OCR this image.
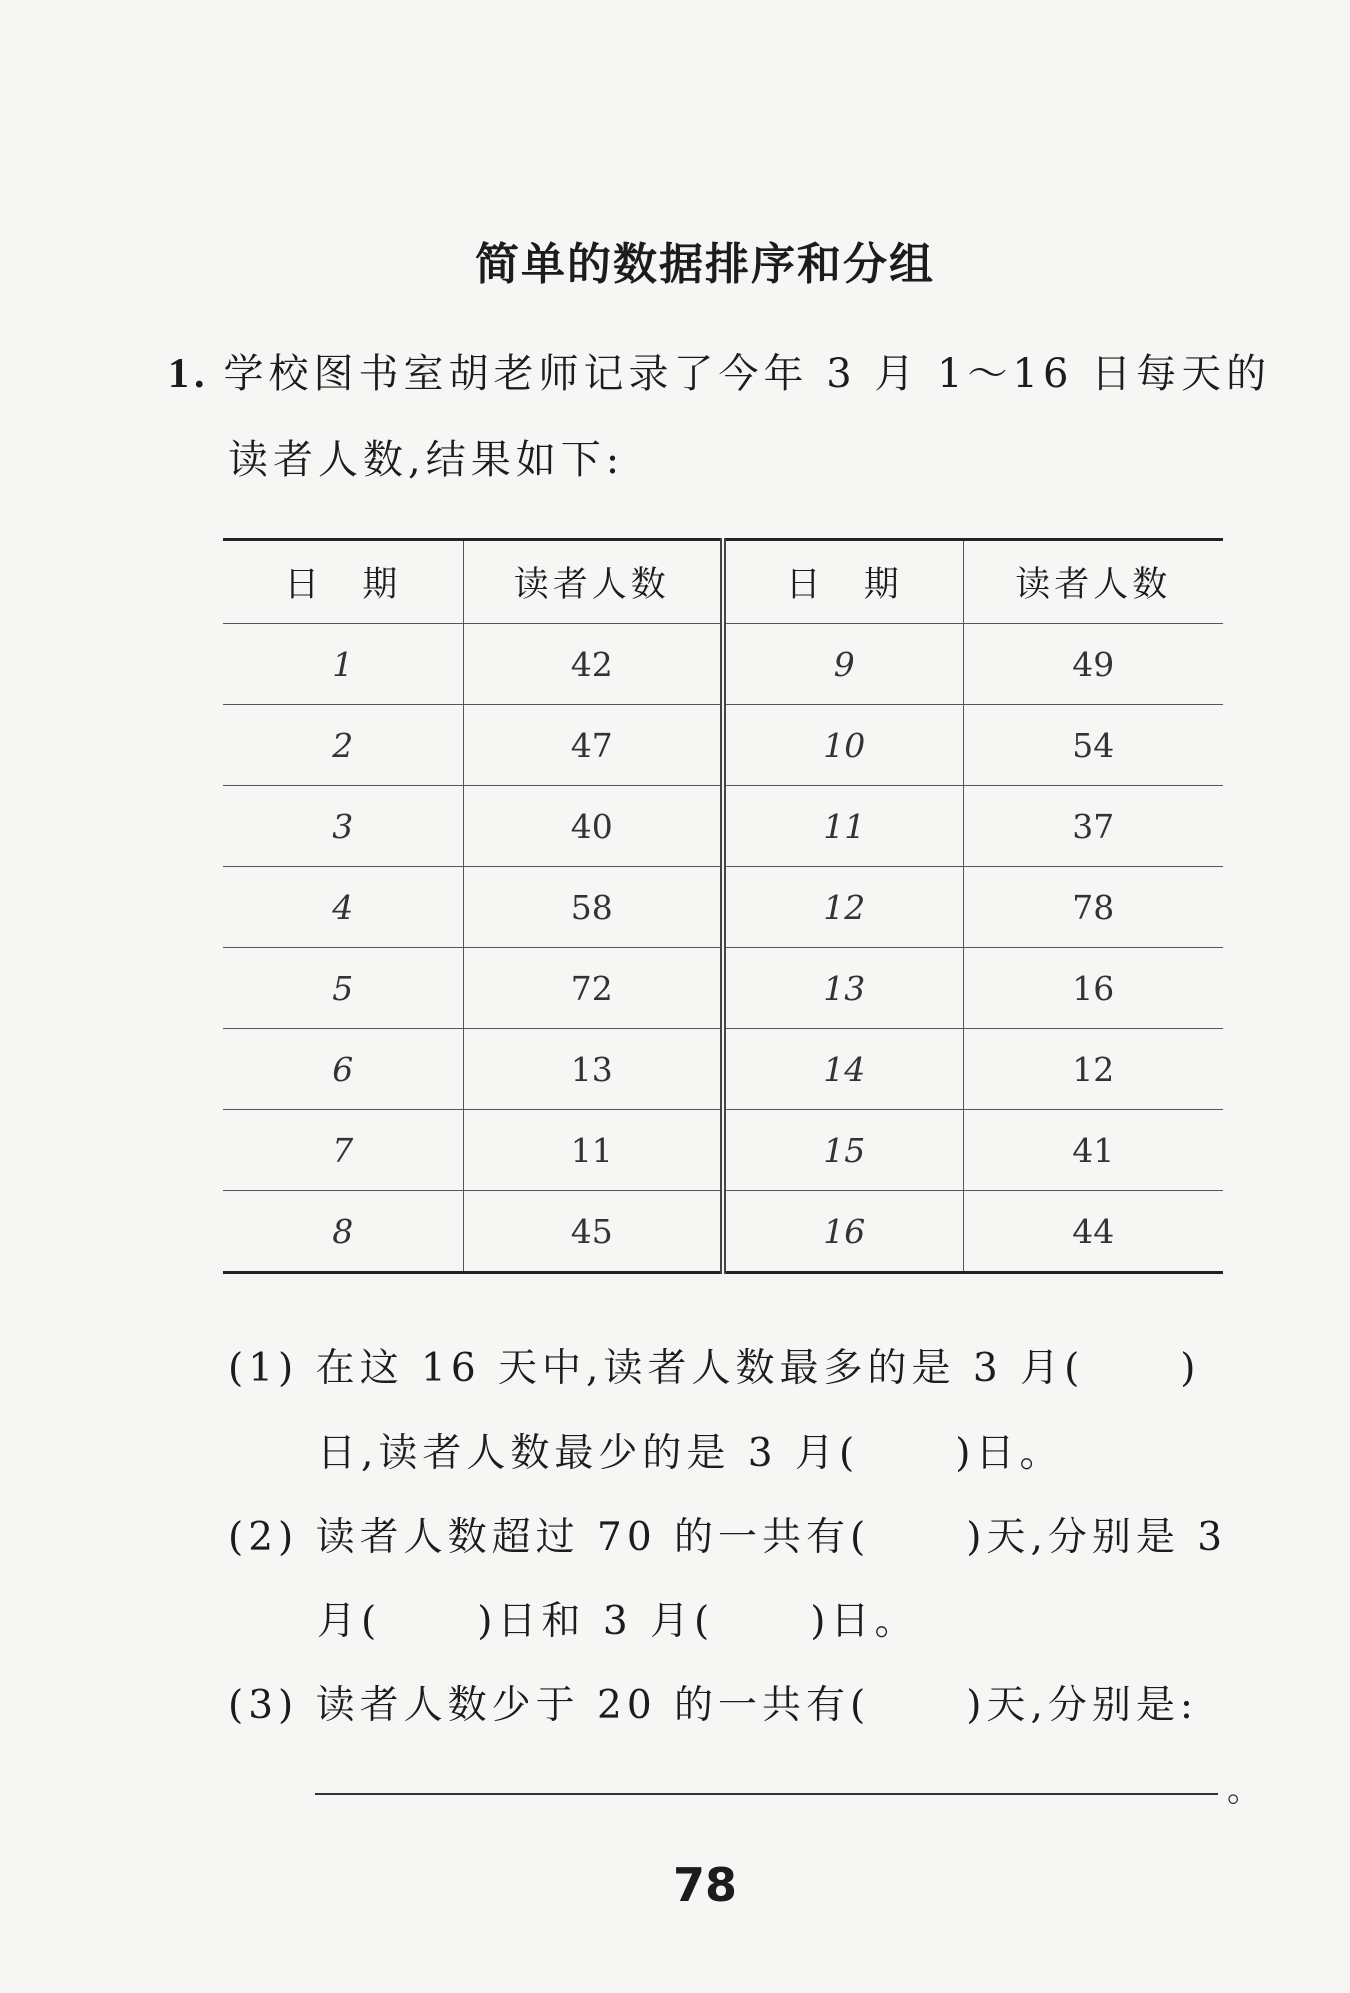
简单的数据排序和分组
1. 学校图书室胡老师记录了今年 3 月 1～16 日每天的
读者人数,结果如下:
日　期	读者人数	日　期	读者人数
1	42	9	49
2	47	10	54
3	40	11	37
4	58	12	78
5	72	13	16
6	13	14	12
7	11	15	41
8	45	16	44
(1) 在这 16 天中,读者人数最多的是 3 月( )
日,读者人数最少的是 3 月( )日。
(2) 读者人数超过 70 的一共有( )天,分别是 3
月( )日和 3 月( )日。
(3) 读者人数少于 20 的一共有( )天,分别是:
。
78
